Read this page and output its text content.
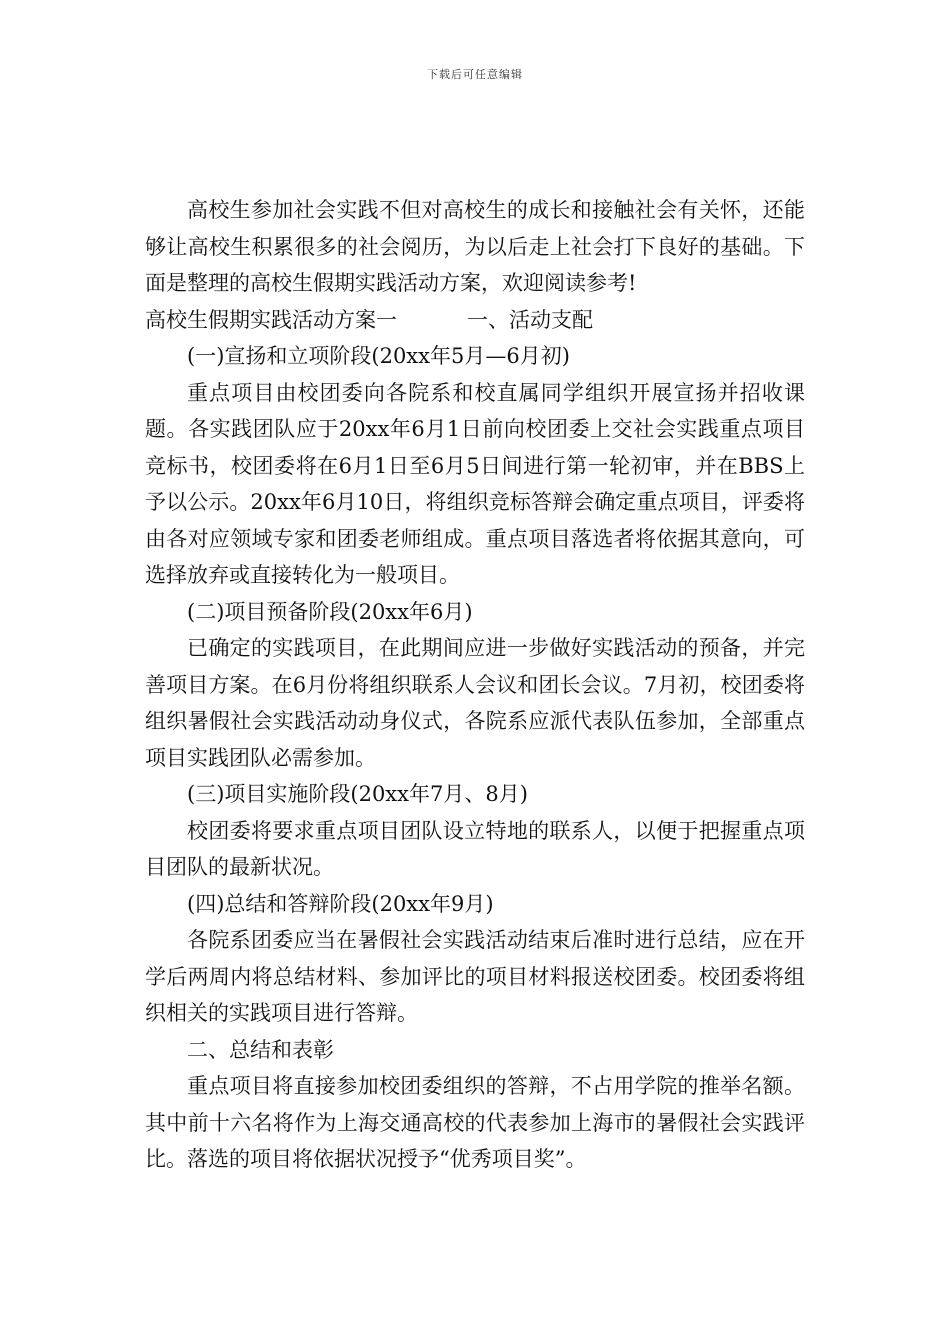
下载后可任意编辑

高校生参加社会实践不但对高校生的成长和接触社会有关怀，还能够让高校生积累很多的社会阅历，为以后走上社会打下良好的基础。下面是整理的高校生假期实践活动方案，欢迎阅读参考!

高校生假期实践活动方案一	一、活动支配

(一)宣扬和立项阶段(20xx年5月—6月初)

重点项目由校团委向各院系和校直属同学组织开展宣扬并招收课题。各实践团队应于20xx年6月1日前向校团委上交社会实践重点项目竞标书，校团委将在6月1日至6月5日间进行第一轮初审，并在BBS上予以公示。20xx年6月10日，将组织竞标答辩会确定重点项目，评委将由各对应领域专家和团委老师组成。重点项目落选者将依据其意向，可选择放弃或直接转化为一般项目。

(二)项目预备阶段(20xx年6月)

已确定的实践项目，在此期间应进一步做好实践活动的预备，并完善项目方案。在6月份将组织联系人会议和团长会议。7月初，校团委将组织暑假社会实践活动动身仪式，各院系应派代表队伍参加，全部重点项目实践团队必需参加。

(三)项目实施阶段(20xx年7月、8月)

校团委将要求重点项目团队设立特地的联系人，以便于把握重点项目团队的最新状况。

(四)总结和答辩阶段(20xx年9月)

各院系团委应当在暑假社会实践活动结束后准时进行总结，应在开学后两周内将总结材料、参加评比的项目材料报送校团委。校团委将组织相关的实践项目进行答辩。

二、总结和表彰

重点项目将直接参加校团委组织的答辩，不占用学院的推举名额。其中前十六名将作为上海交通高校的代表参加上海市的暑假社会实践评比。落选的项目将依据状况授予“优秀项目奖”。
